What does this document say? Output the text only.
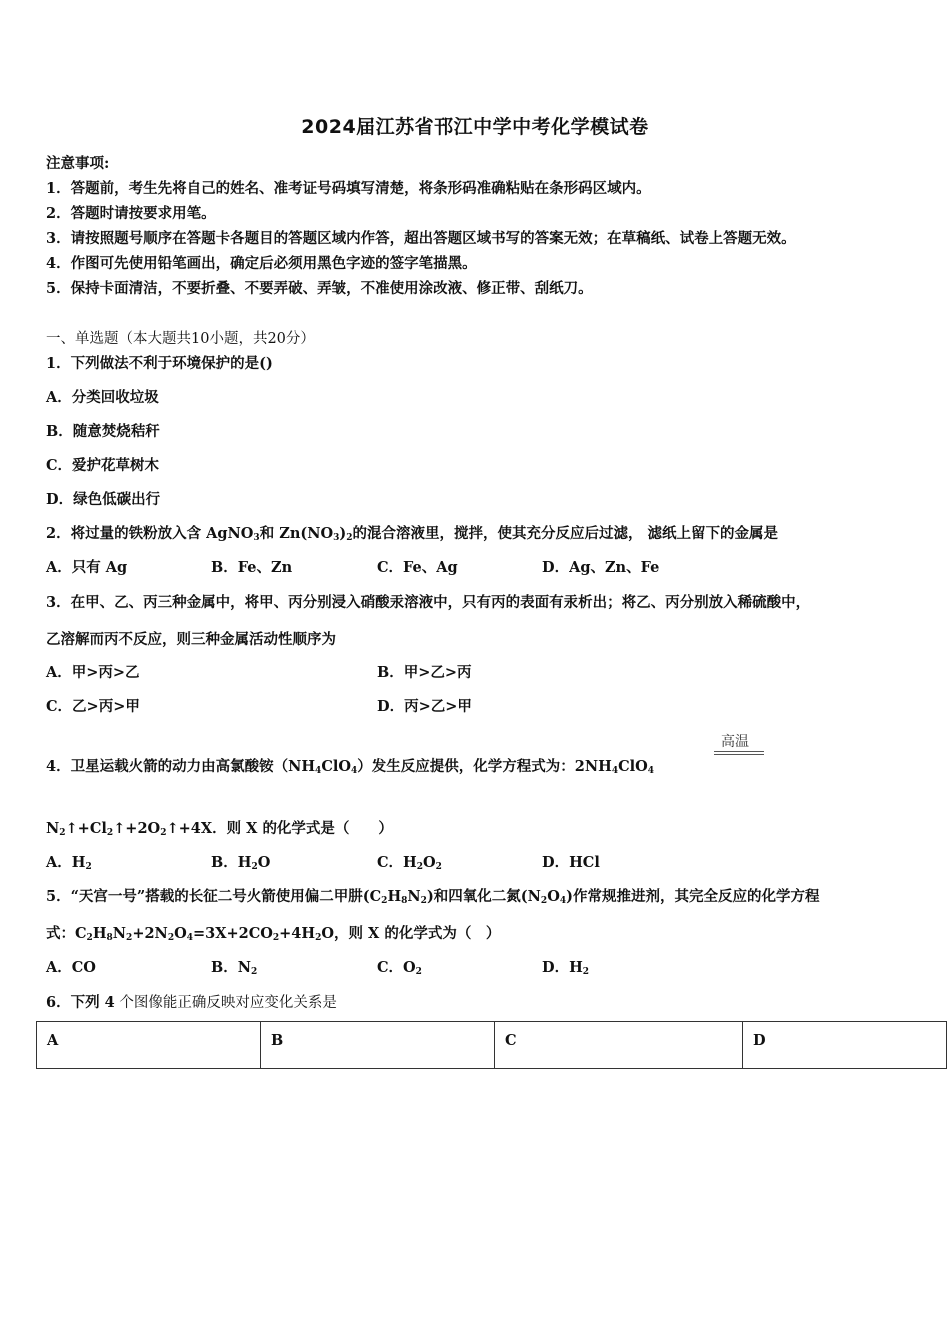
2024届江苏省邗江中学中考化学模试卷
注意事项:
1．答题前，考生先将自己的姓名、准考证号码填写清楚，将条形码准确粘贴在条形码区域内。
2．答题时请按要求用笔。
3．请按照题号顺序在答题卡各题目的答题区域内作答，超出答题区域书写的答案无效；在草稿纸、试卷上答题无效。
4．作图可先使用铅笔画出，确定后必须用黑色字迹的签字笔描黑。
5．保持卡面清洁，不要折叠、不要弄破、弄皱，不准使用涂改液、修正带、刮纸刀。
一、单选题（本大题共10小题，共20分）
1．下列做法不利于环境保护的是()
A．分类回收垃圾
B．随意焚烧秸秆
C．爱护花草树木
D．绿色低碳出行
2．将过量的铁粉放入含 AgNO$_3$和 $Zn(NO_3)_2$的混合溶液里，搅拌，使其充分反应后过滤， 滤纸上留下的金属是
A．只有 Ag	B．Fe、Zn	C．Fe、Ag	D．Ag、Zn、Fe
3．在甲、乙、丙三种金属中，将甲、丙分别浸入硝酸汞溶液中，只有丙的表面有汞析出；将乙、丙分别放入稀硫酸中，
乙溶解而丙不反应，则三种金属活动性顺序为
A．甲>丙>乙	B．甲>乙>丙
C．乙>丙>甲	D．丙>乙>甲
4．卫星运载火箭的动力由高氯酸铵$(NH_4ClO_4)$发生反应提供，化学方程式为：$2NH_4ClO_4$
高温
$N_2↑+Cl_2↑+2O_2↑+4X$．则 X 的化学式是（　　）
A．$H_2$	B．$H_2O$	C．$H_2O_2$	D．HCl
5．“天宫一号”搭载的长征二号火箭使用偏二甲肼$(C_2H_8N_2)$和四氧化二氮$(N_2O_4)$作常规推进剂，其完全反应的化学方程
式：$C_2H_8N_2+2N_2O_4=3X+2CO_2+4H_2O$，则 X 的化学式为（　）
A．CO	B．$N_2$	C．$O_2$	D．$H_2$
6．下列 4 个图像能正确反映对应变化关系是
A	B	C	D
